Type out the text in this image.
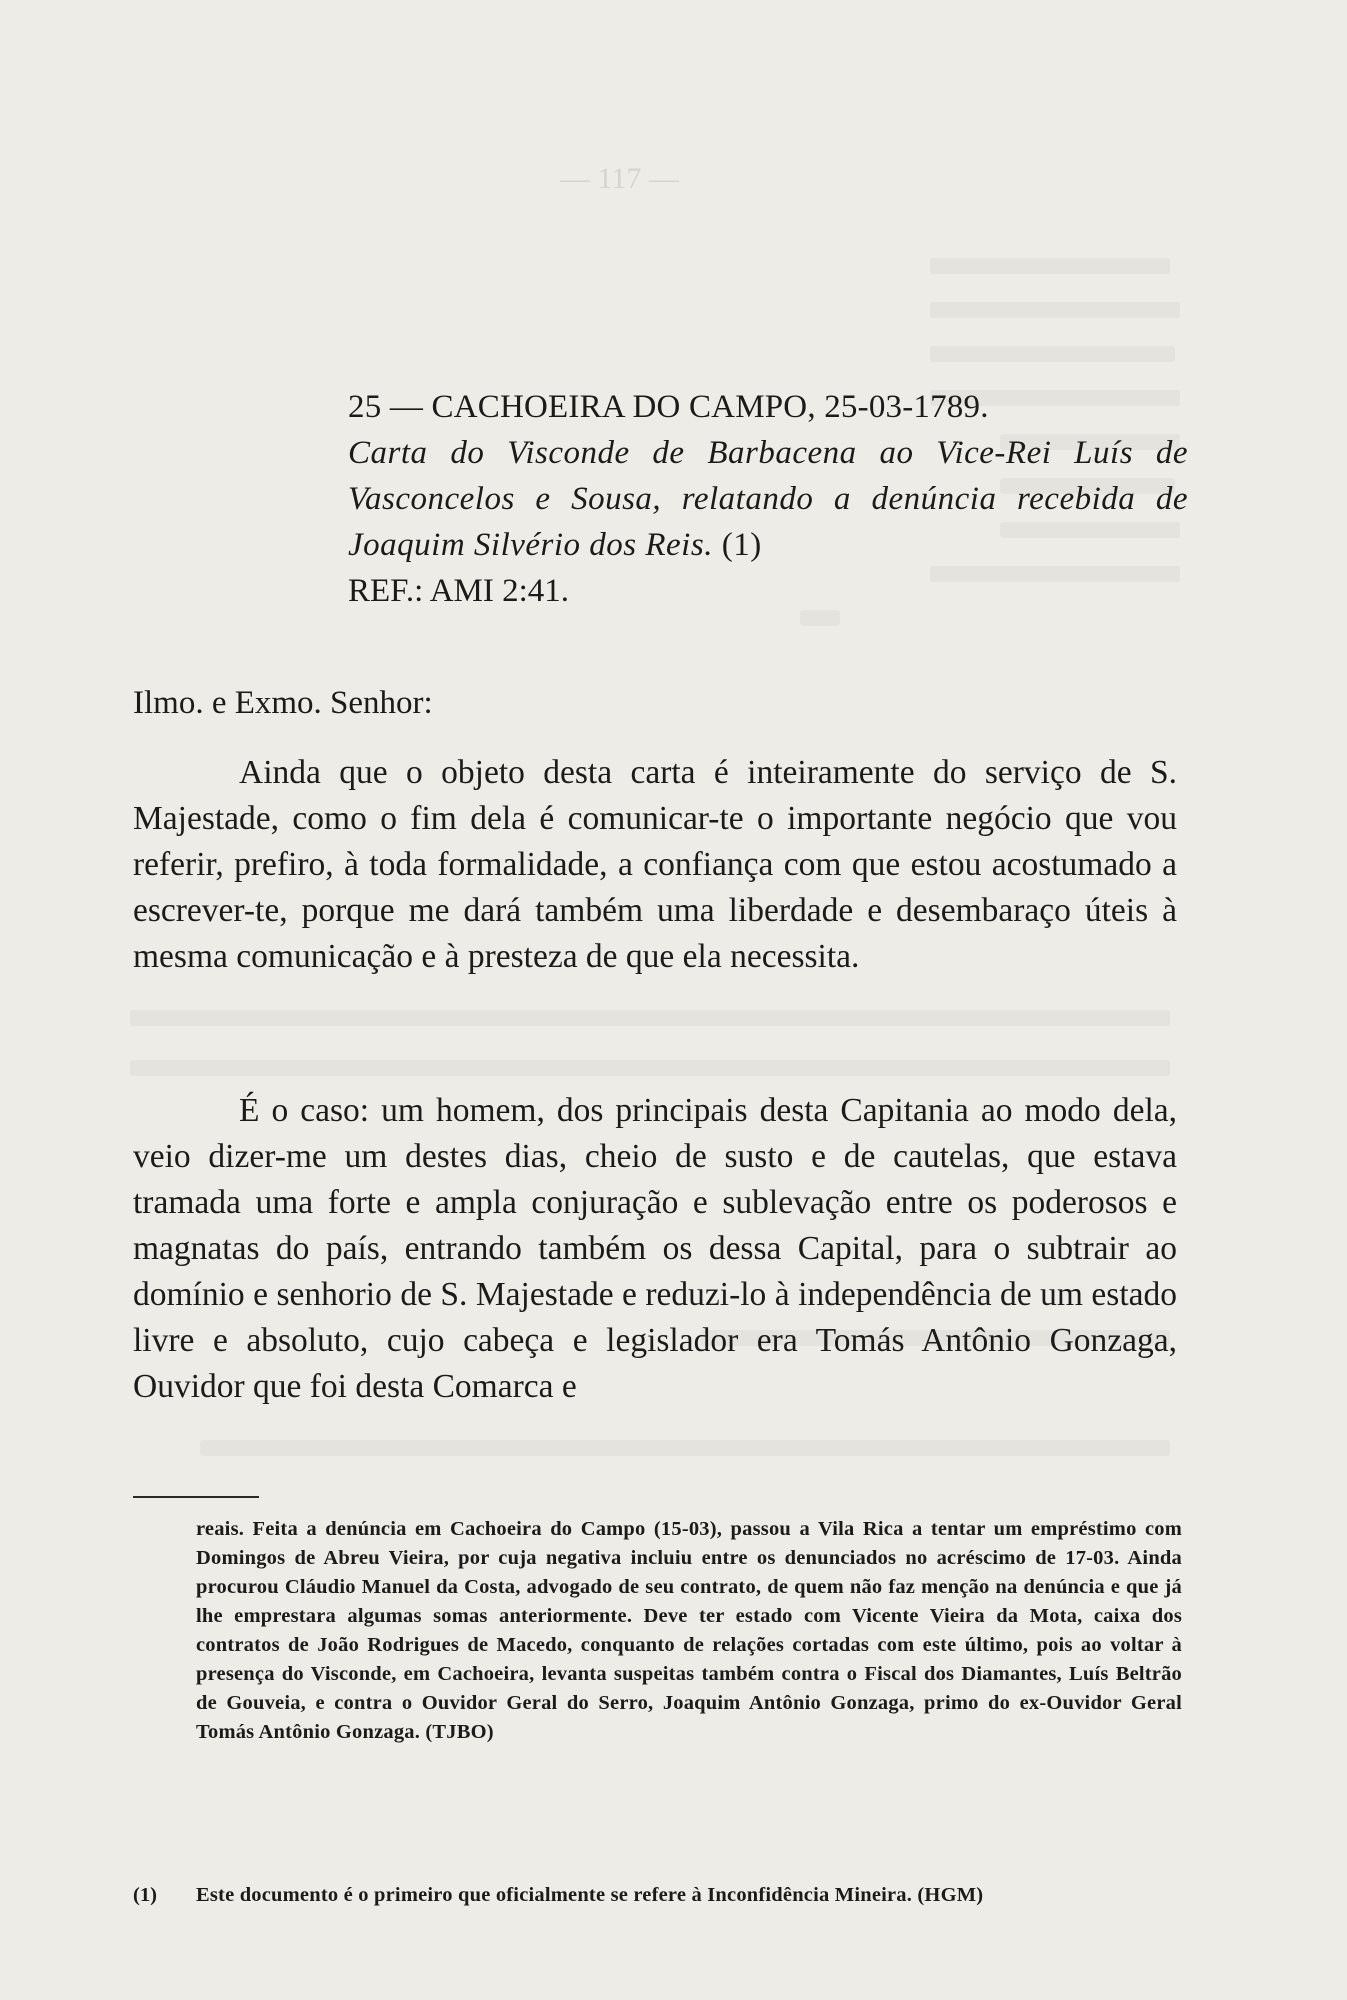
— 117 —

25 — CACHOEIRA DO CAMPO, 25-03-1789.

Carta do Visconde de Barbacena ao Vice-Rei Luís de Vasconcelos e Sousa, relatando a denúncia recebida de Joaquim Silvério dos Reis. (1)

REF.: AMI 2:41.

Ilmo. e Exmo. Senhor:

Ainda que o objeto desta carta é inteiramente do serviço de S. Majestade, como o fim dela é comunicar-te o importante negócio que vou referir, prefiro, à toda formalidade, a confiança com que estou acostumado a escrever-te, porque me dará também uma liberdade e desembaraço úteis à mesma comunicação e à presteza de que ela necessita.

É o caso: um homem, dos principais desta Capitania ao modo dela, veio dizer-me um destes dias, cheio de susto e de cautelas, que estava tramada uma forte e ampla conjuração e sublevação entre os poderosos e magnatas do país, entrando também os dessa Capital, para o subtrair ao domínio e senhorio de S. Majestade e reduzi-lo à independência de um estado livre e absoluto, cujo cabeça e legislador era Tomás Antônio Gonzaga, Ouvidor que foi desta Comarca e

reais. Feita a denúncia em Cachoeira do Campo (15-03), passou a Vila Rica a tentar um empréstimo com Domingos de Abreu Vieira, por cuja negativa incluiu entre os denunciados no acréscimo de 17-03. Ainda procurou Cláudio Manuel da Costa, advogado de seu contrato, de quem não faz menção na denúncia e que já lhe emprestara algumas somas anteriormente. Deve ter estado com Vicente Vieira da Mota, caixa dos contratos de João Rodrigues de Macedo, conquanto de relações cortadas com este último, pois ao voltar à presença do Visconde, em Cachoeira, levanta suspeitas também contra o Fiscal dos Diamantes, Luís Beltrão de Gouveia, e contra o Ouvidor Geral do Serro, Joaquim Antônio Gonzaga, primo do ex-Ouvidor Geral Tomás Antônio Gonzaga. (TJBO)

(1) Este documento é o primeiro que oficialmente se refere à Inconfidência Mineira. (HGM)
